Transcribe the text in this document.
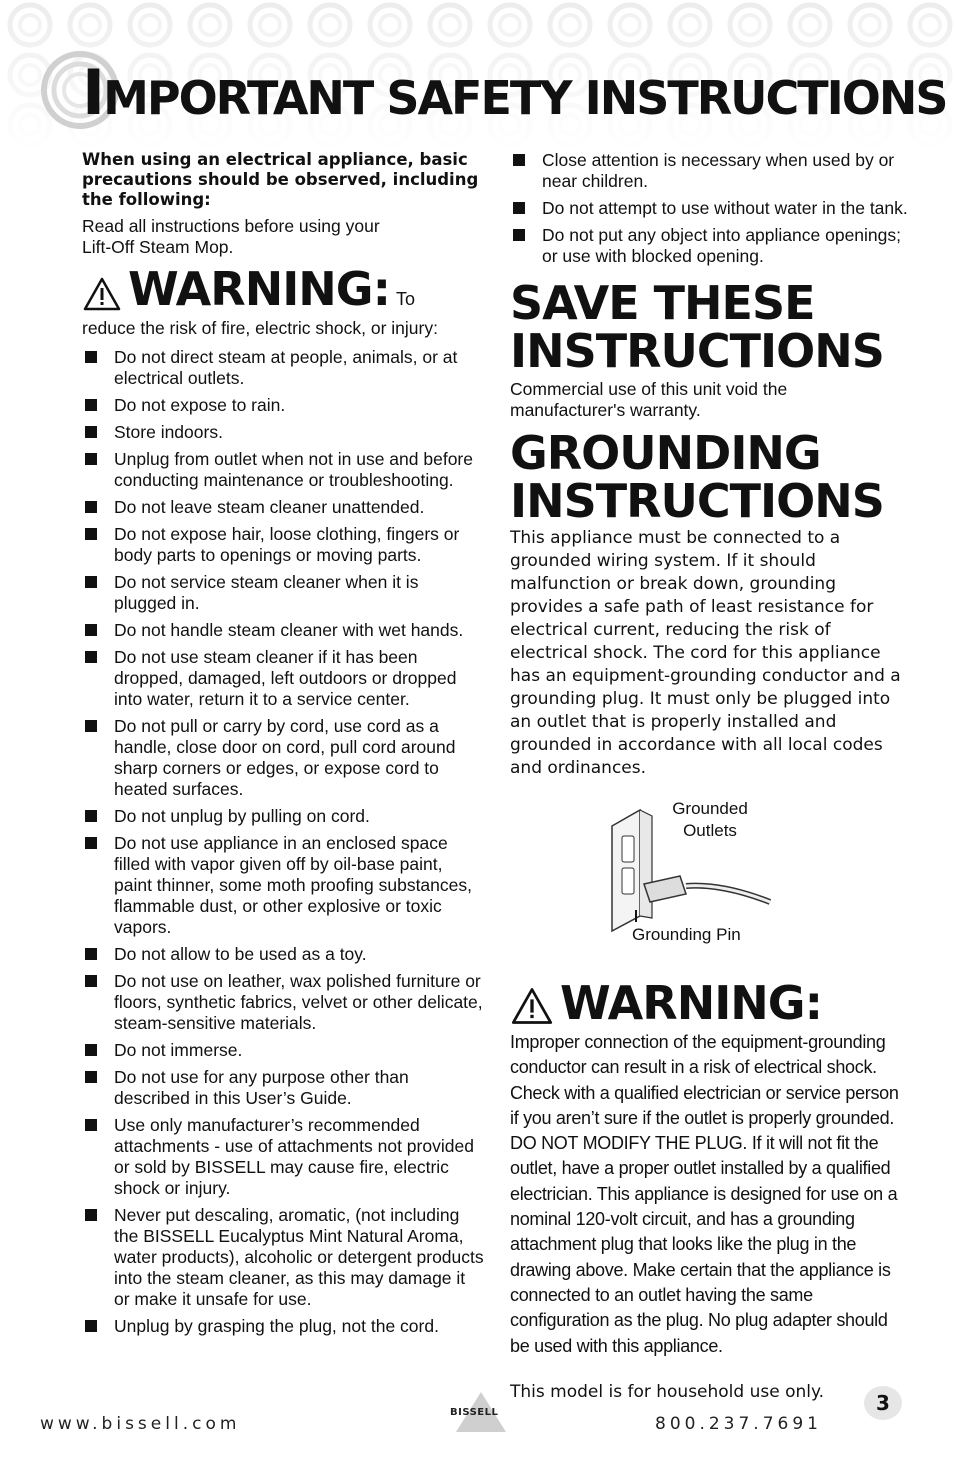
IMPORTANT SAFETY INSTRUCTIONS

When using an electrical appliance, basic precautions should be observed, including the following:

Read all instructions before using your Lift-Off Steam Mop.

WARNING: To

reduce the risk of fire, electric shock, or injury:

Do not direct steam at people, animals, or at electrical outlets.
Do not expose to rain.
Store indoors.
Unplug from outlet when not in use and before conducting maintenance or troubleshooting.
Do not leave steam cleaner unattended.
Do not expose hair, loose clothing, fingers or body parts to openings or moving parts.
Do not service steam cleaner when it is plugged in.
Do not handle steam cleaner with wet hands.
Do not use steam cleaner if it has been dropped, damaged, left outdoors or dropped into water, return it to a service center.
Do not pull or carry by cord, use cord as a handle, close door on cord, pull cord around sharp corners or edges, or expose cord to heated surfaces.
Do not unplug by pulling on cord.
Do not use appliance in an enclosed space filled with vapor given off by oil-base paint, paint thinner, some moth proofing substances, flammable dust, or other explosive or toxic vapors.
Do not allow to be used as a toy.
Do not use on leather, wax polished furniture or floors, synthetic fabrics, velvet or other delicate, steam-sensitive materials.
Do not immerse.
Do not use for any purpose other than described in this User’s Guide.
Use only manufacturer’s recommended attachments - use of attachments not provided or sold by BISSELL may cause fire, electric shock or injury.
Never put descaling, aromatic, (not including the BISSELL Eucalyptus Mint Natural Aroma, water products), alcoholic or detergent products into the steam cleaner, as this may damage it or make it unsafe for use.
Unplug by grasping the plug, not the cord.
Close attention is necessary when used by or near children.
Do not attempt to use without water in the tank.
Do not put any object into appliance openings; or use with blocked opening.
SAVE THESE INSTRUCTIONS

Commercial use of this unit void the manufacturer's warranty.

GROUNDING INSTRUCTIONS

This appliance must be connected to a grounded wiring system. If it should malfunction or break down, grounding provides a safe path of least resistance for electrical current, reducing the risk of electrical shock. The cord for this appliance has an equipment-grounding conductor and a grounding plug. It must only be plugged into an outlet that is properly installed and grounded in accordance with all local codes and ordinances.

Grounded Outlets
Grounding Pin
WARNING:

Improper connection of the equipment-grounding conductor can result in a risk of electrical shock. Check with a qualified electrician or service person if you aren’t sure if the outlet is properly grounded. DO NOT MODIFY THE PLUG. If it will not fit the outlet, have a proper outlet installed by a qualified electrician. This appliance is designed for use on a nominal 120-volt circuit, and has a grounding attachment plug that looks like the plug in the drawing above. Make certain that the appliance is connected to an outlet having the same configuration as the plug. No plug adapter should be used with this appliance.

This model is for household use only.	3
www.bissell.com
BISSELL
800.237.7691
